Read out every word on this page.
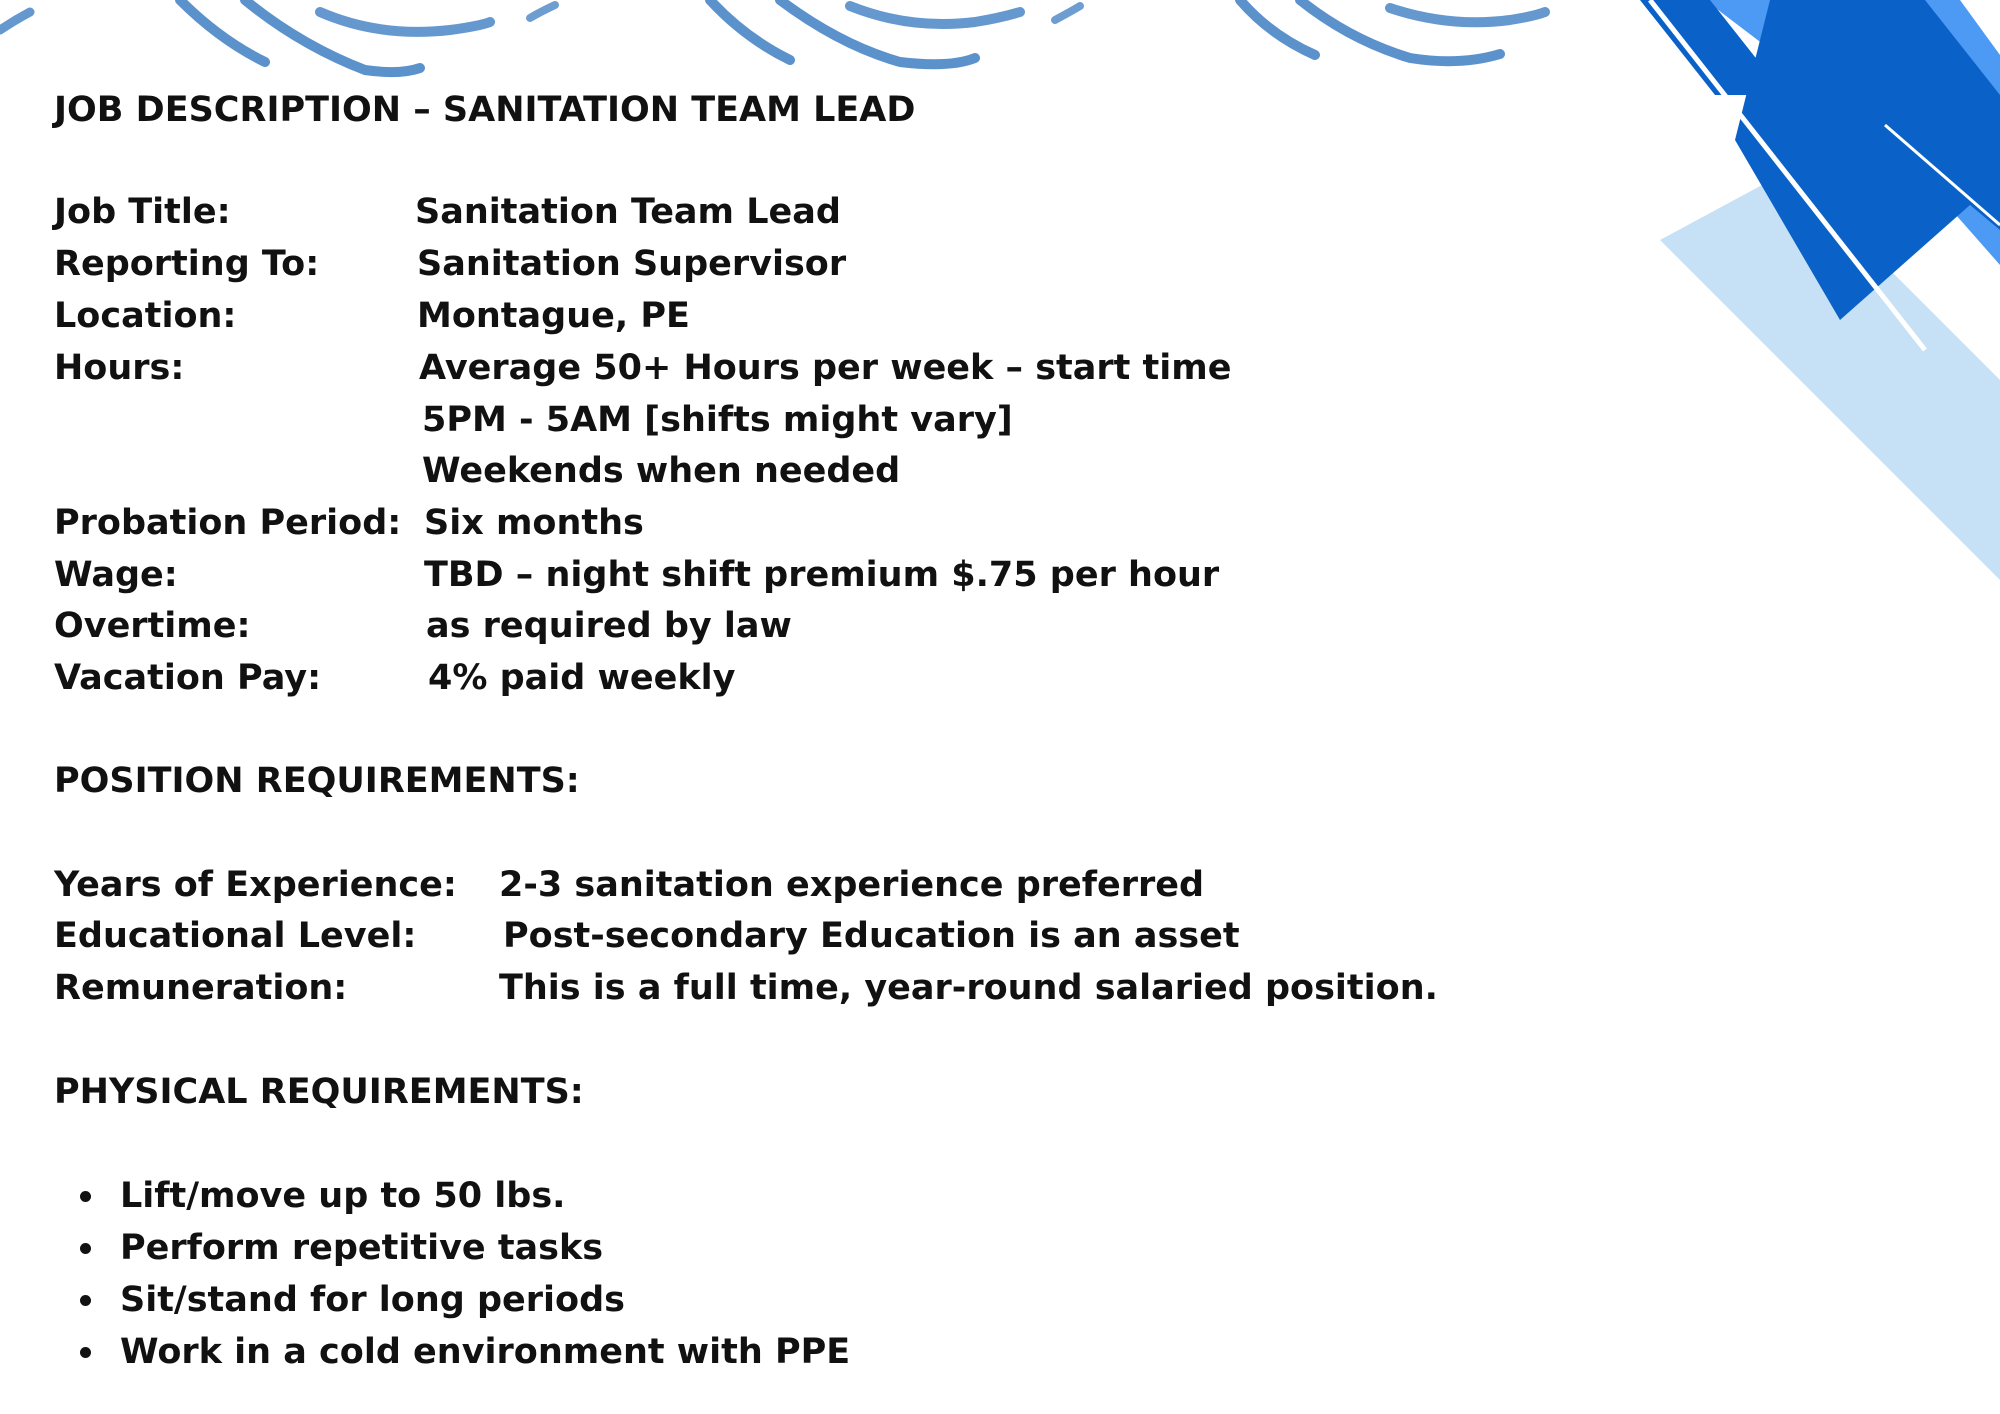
JOB DESCRIPTION – SANITATION TEAM LEAD
Job Title:	Sanitation Team Lead
Reporting To:	Sanitation Supervisor
Location:	Montague, PE
Hours:	Average 50+ Hours per week – start time
5PM - 5AM [shifts might vary]
Weekends when needed
Probation Period: Six months
Wage:	TBD – night shift premium $.75 per hour
Overtime:	as required by law
Vacation Pay:	4% paid weekly
POSITION REQUIREMENTS:
Years of Experience: 2-3 sanitation experience preferred
Educational Level: Post-secondary Education is an asset
Remuneration:	This is a full time, year-round salaried position.
PHYSICAL REQUIREMENTS:
Lift/move up to 50 lbs.
Perform repetitive tasks
Sit/stand for long periods
Work in a cold environment with PPE
